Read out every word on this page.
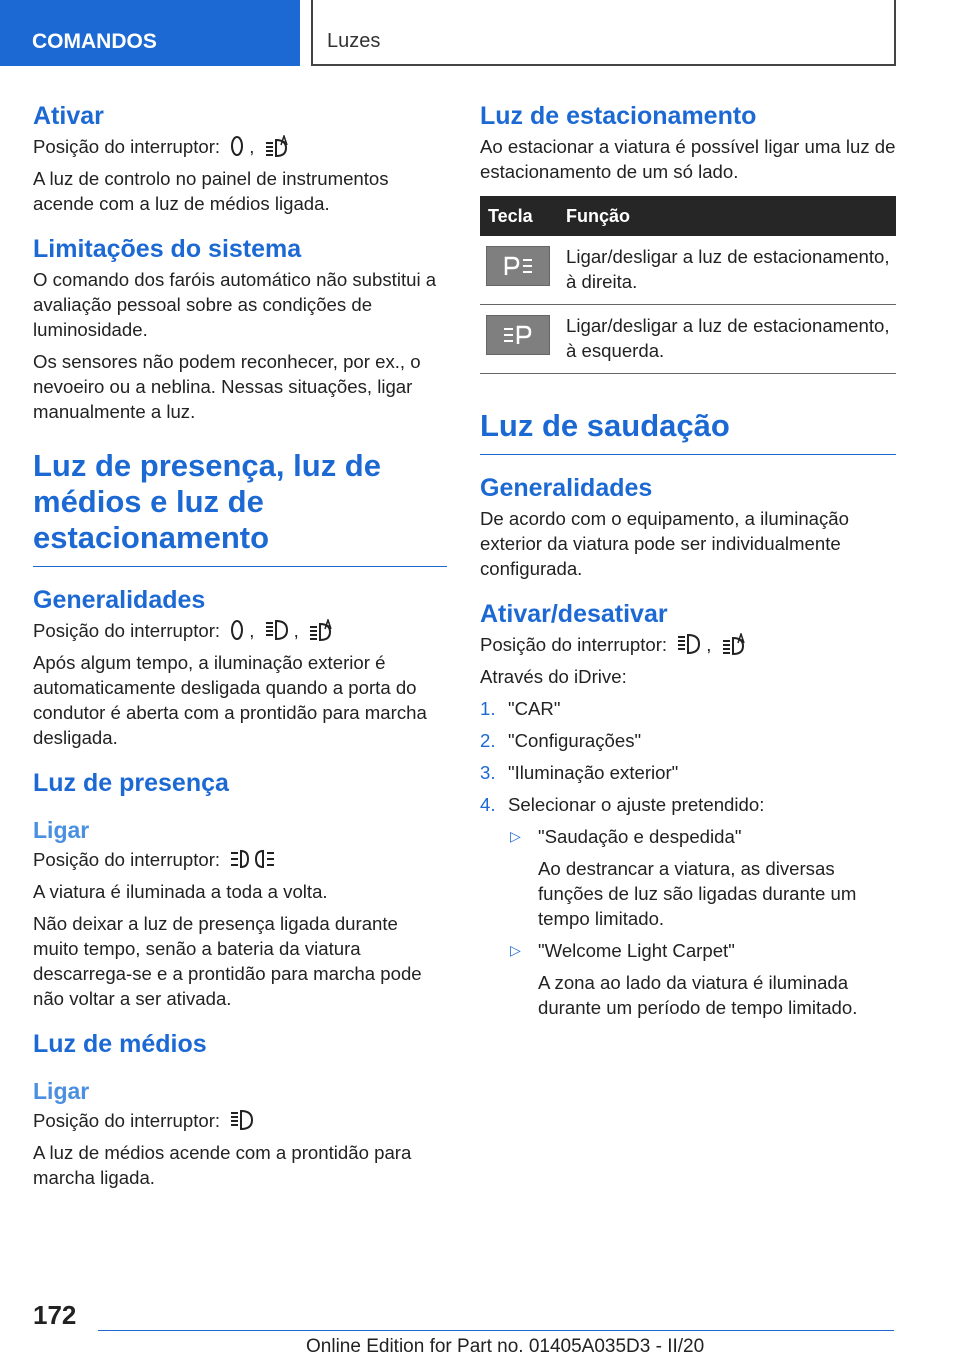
COMANDOS	Luzes
Ativar

Posição do interruptor: ,

A luz de controlo no painel de instrumentos acende com a luz de médios ligada.

Limitações do sistema

O comando dos faróis automático não substitui a avaliação pessoal sobre as condições de luminosidade.

Os sensores não podem reconhecer, por ex., o nevoeiro ou a neblina. Nessas situações, ligar manualmente a luz.

Luz de presença, luz de médios e luz de estacionamento
Generalidades

Posição do interruptor: , ,

Após algum tempo, a iluminação exterior é automaticamente desligada quando a porta do condutor é aberta com a prontidão para marcha desligada.

Luz de presença
Ligar

Posição do interruptor:

A viatura é iluminada a toda a volta.

Não deixar a luz de presença ligada durante muito tempo, senão a bateria da viatura descarrega-se e a prontidão para marcha pode não voltar a ser ativada.

Luz de médios
Ligar

Posição do interruptor:

A luz de médios acende com a prontidão para marcha ligada.

Luz de estacionamento

Ao estacionar a viatura é possível ligar uma luz de estacionamento de um só lado.

Tecla	Função

	Ligar/desligar a luz de estacionamento, à direita.

	Ligar/desligar a luz de estacionamento, à esquerda.
Luz de saudação
Generalidades

De acordo com o equipamento, a iluminação exterior da viatura pode ser individualmente configurada.

Ativar/desativar

Posição do interruptor: ,

Através do iDrive:

1. "CAR"
2. "Configurações"
3. "Iluminação exterior"
4. Selecionar o ajuste pretendido:
▷ "Saudação e despedida"
Ao destrancar a viatura, as diversas funções de luz são ligadas durante um tempo limitado.
▷ "Welcome Light Carpet"
A zona ao lado da viatura é iluminada durante um período de tempo limitado.
172
Online Edition for Part no. 01405A035D3 - II/20
